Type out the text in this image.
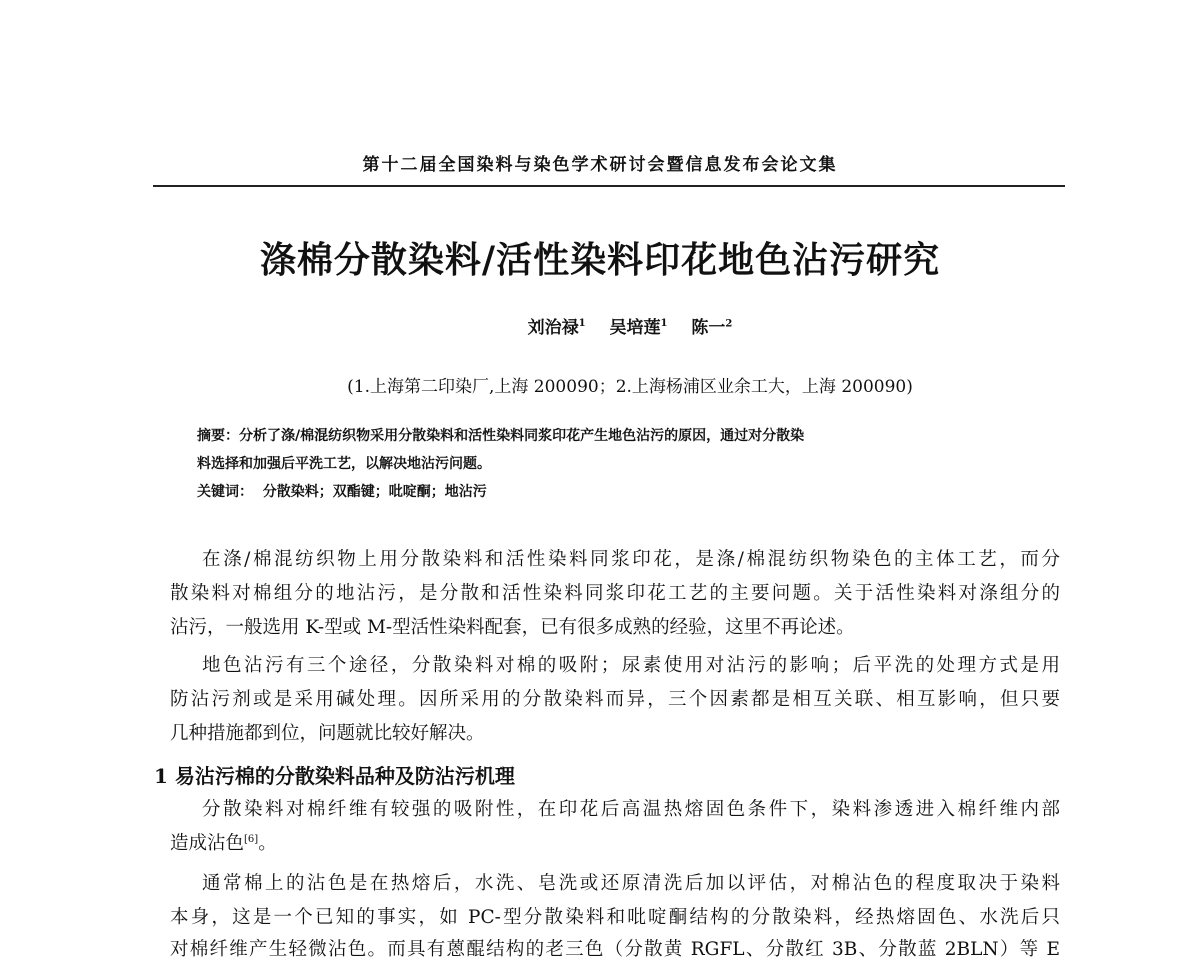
第十二届全国染料与染色学术研讨会暨信息发布会论文集
涤棉分散染料/活性染料印花地色沾污研究
刘治禄$^1$ 吴培莲$^1$ 陈一$^2$
(1.上海第二印染厂,上海 200090；2.上海杨浦区业余工大，上海 200090)
摘要：分析了涤/棉混纺织物采用分散染料和活性染料同浆印花产生地色沾污的原因，通过对分散染
料选择和加强后平洗工艺，以解决地沾污问题。
关键词： 分散染料；双酯键；吡啶酮；地沾污
在涤/棉混纺织物上用分散染料和活性染料同浆印花，是涤/棉混纺织物染色的主体工艺，而分
散染料对棉组分的地沾污，是分散和活性染料同浆印花工艺的主要问题。关于活性染料对涤组分的
沾污，一般选用 K-型或 M-型活性染料配套，已有很多成熟的经验，这里不再论述。
地色沾污有三个途径，分散染料对棉的吸附；尿素使用对沾污的影响；后平洗的处理方式是用
防沾污剂或是采用碱处理。因所采用的分散染料而异，三个因素都是相互关联、相互影响，但只要
几种措施都到位，问题就比较好解决。
1 易沾污棉的分散染料品种及防沾污机理
分散染料对棉纤维有较强的吸附性，在印花后高温热熔固色条件下，染料渗透进入棉纤维内部
造成沾色[6]。
通常棉上的沾色是在热熔后，水洗、皂洗或还原清洗后加以评估，对棉沾色的程度取决于染料
本身，这是一个已知的事实，如 PC-型分散染料和吡啶酮结构的分散染料，经热熔固色、水洗后只
对棉纤维产生轻微沾色。而具有蒽醌结构的老三色（分散黄 RGFL、分散红 3B、分散蓝 2BLN）等 E
